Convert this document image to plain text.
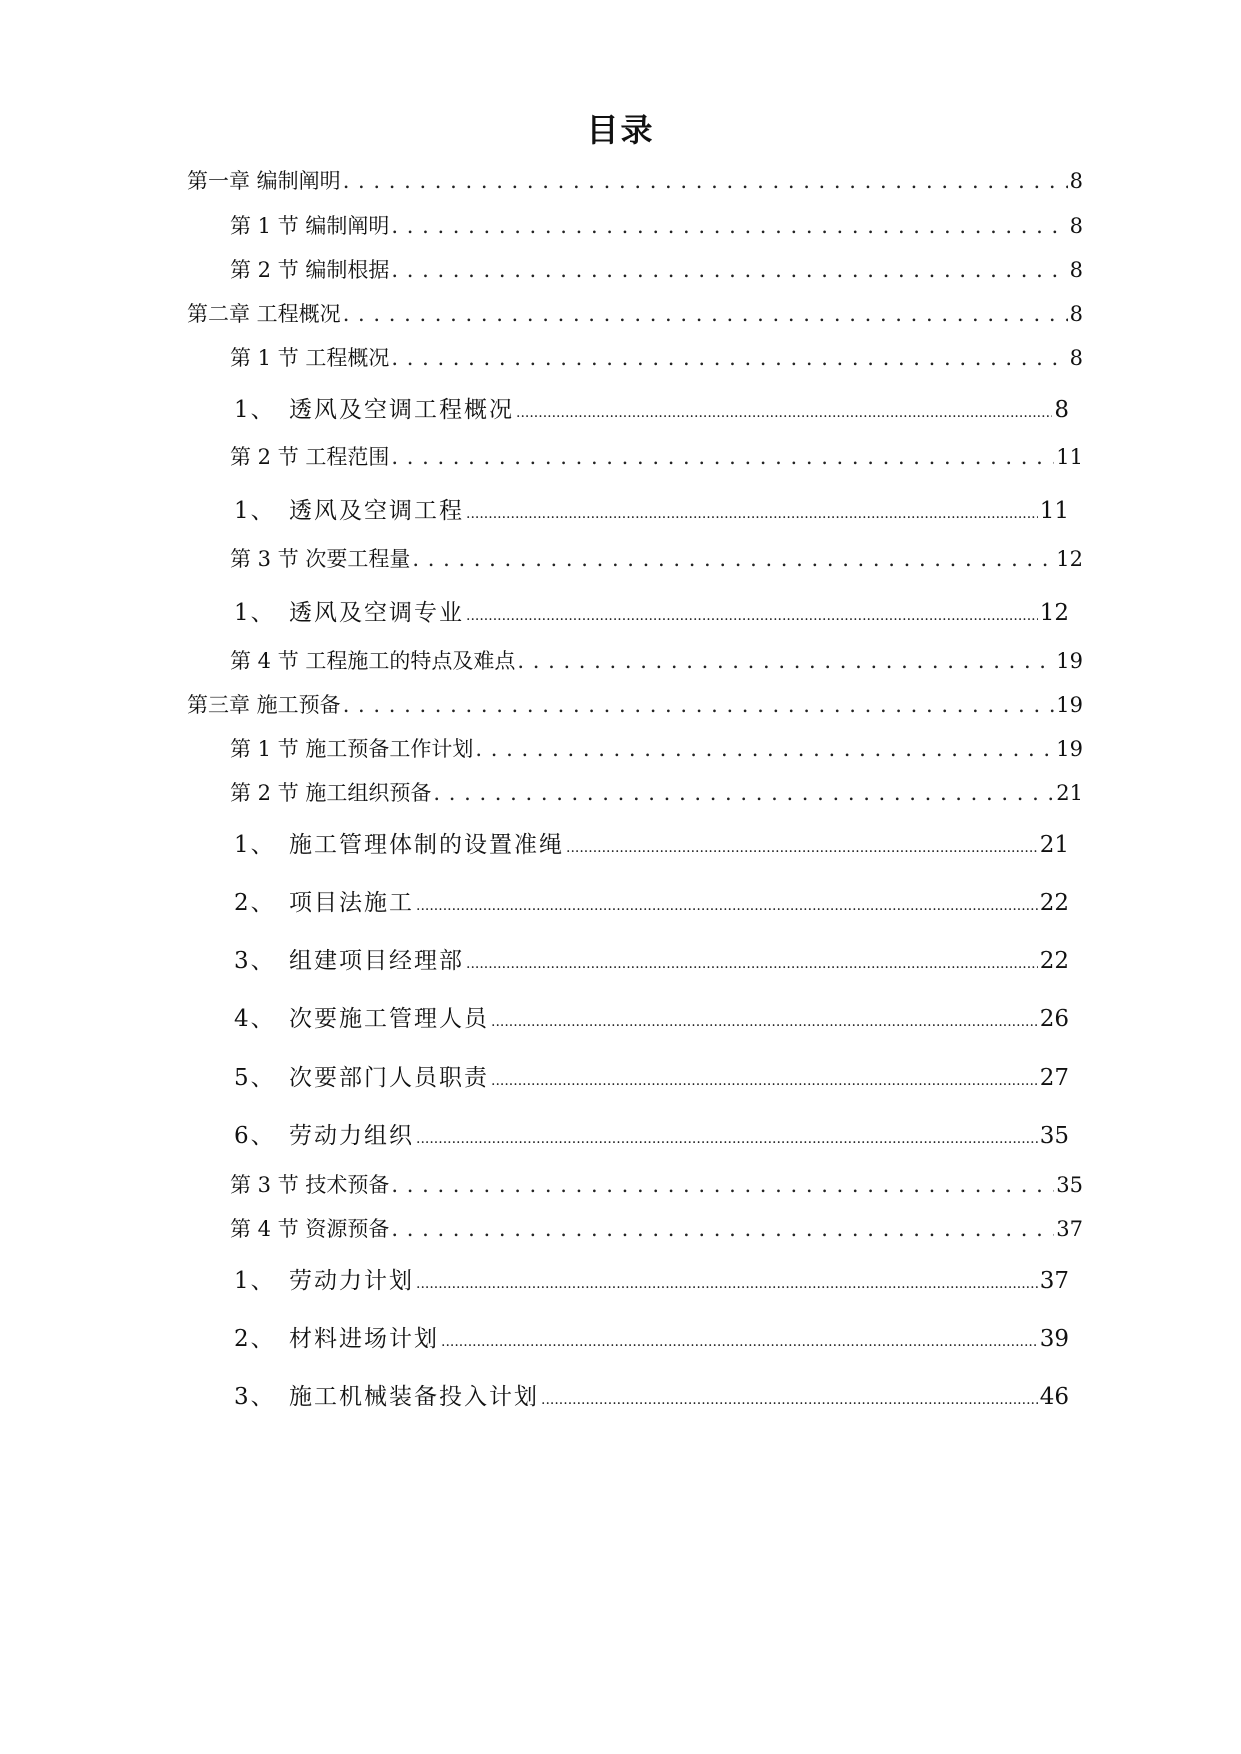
目录
第一章 编制阐明 . . .	8
第 1 节 编制阐明 . . .	8
第 2 节 编制根据 . . .	8
第二章 工程概况 . . .	8
第 1 节 工程概况 . . .	8
1、 透风及空调工程概况 .....	8
第 2 节 工程范围 . . .	11
1、 透风及空调工程 .....	11
第 3 节 次要工程量 . . .	12
1、 透风及空调专业 .....	12
第 4 节 工程施工的特点及难点 . . .	19
第三章 施工预备 . . .	19
第 1 节 施工预备工作计划 . . .	19
第 2 节 施工组织预备 . . .	21
1、 施工管理体制的设置准绳 .....	21
2、 项目法施工 .....	22
3、 组建项目经理部 .....	22
4、 次要施工管理人员 .....	26
5、 次要部门人员职责 .....	27
6、 劳动力组织 .....	35
第 3 节 技术预备 . . .	35
第 4 节 资源预备 . . .	37
1、 劳动力计划 .....	37
2、 材料进场计划 .....	39
3、 施工机械装备投入计划 .....	46
